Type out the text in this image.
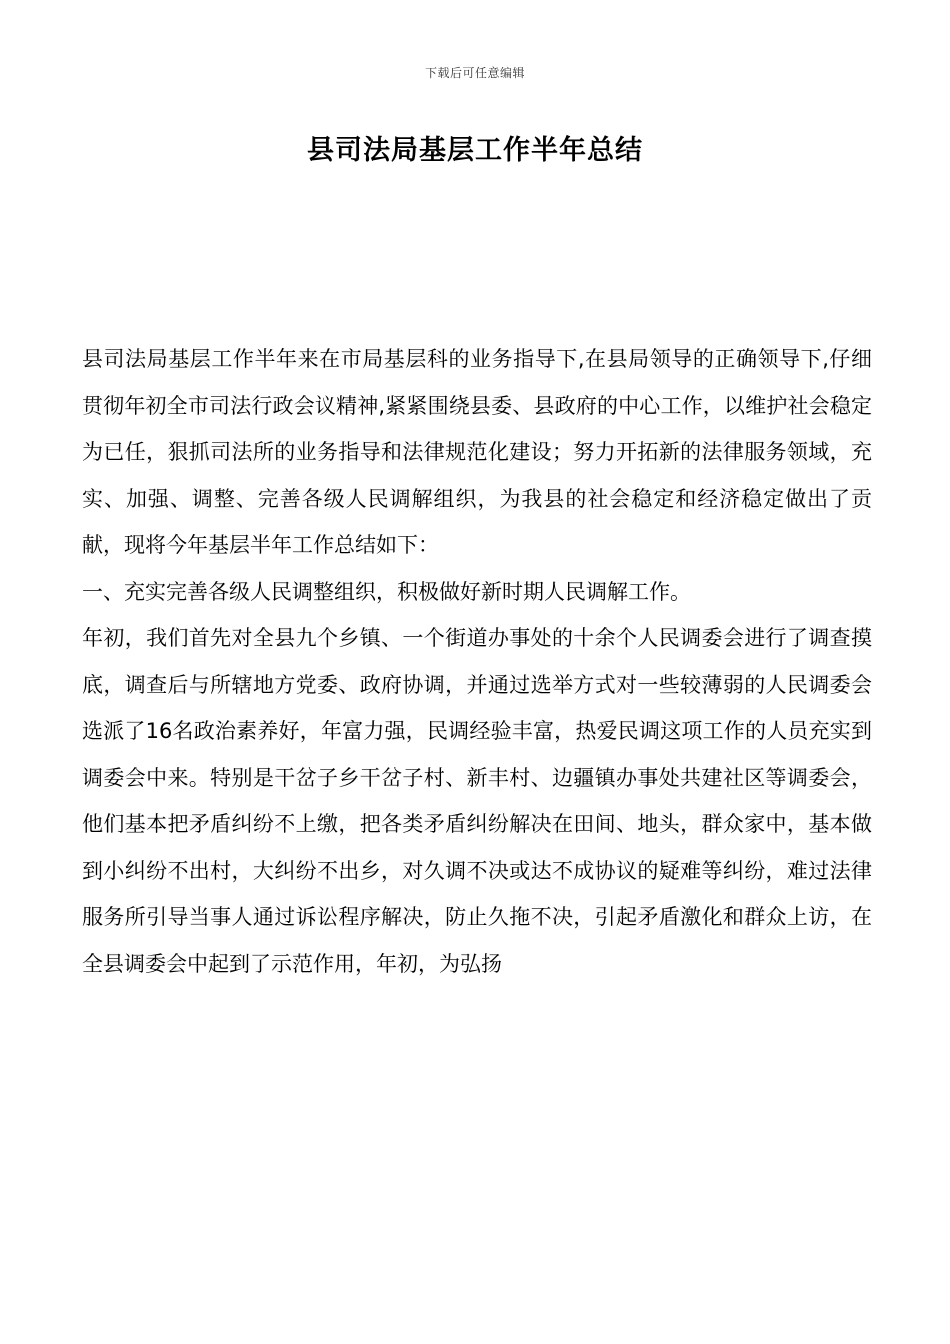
下载后可任意编辑
县司法局基层工作半年总结

县司法局基层工作半年来在市局基层科的业务指导下,在县局领导的正确领导下,仔细贯彻年初全市司法行政会议精神,紧紧围绕县委、县政府的中心工作，以维护社会稳定为已任，狠抓司法所的业务指导和法律规范化建设；努力开拓新的法律服务领域，充实、加强、调整、完善各级人民调解组织，为我县的社会稳定和经济稳定做出了贡献，现将今年基层半年工作总结如下：

一、充实完善各级人民调整组织，积极做好新时期人民调解工作。

年初，我们首先对全县九个乡镇、一个街道办事处的十余个人民调委会进行了调查摸底，调查后与所辖地方党委、政府协调，并通过选举方式对一些较薄弱的人民调委会选派了16名政治素养好，年富力强，民调经验丰富，热爱民调这项工作的人员充实到调委会中来。特别是干岔子乡干岔子村、新丰村、边疆镇办事处共建社区等调委会，他们基本把矛盾纠纷不上缴，把各类矛盾纠纷解决在田间、地头，群众家中，基本做到小纠纷不出村，大纠纷不出乡，对久调不决或达不成协议的疑难等纠纷，难过法律服务所引导当事人通过诉讼程序解决，防止久拖不决，引起矛盾激化和群众上访，在全县调委会中起到了示范作用，年初，为弘扬
